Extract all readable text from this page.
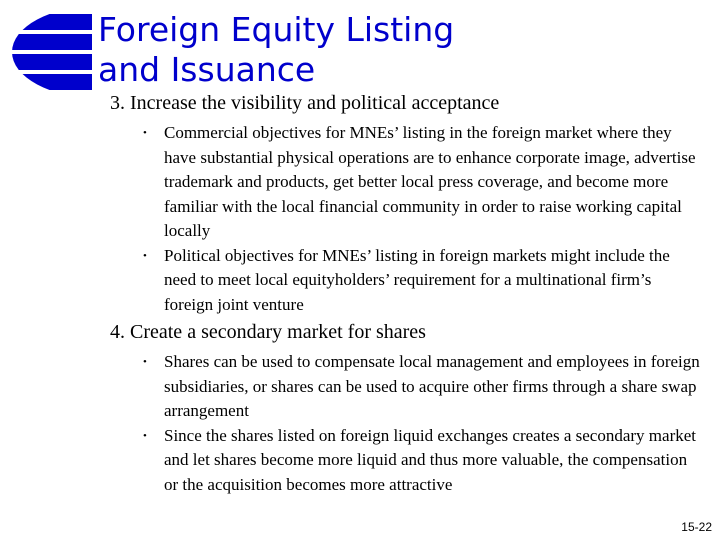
Foreign Equity Listing
and Issuance
3. Increase the visibility and political acceptance
• Commercial objectives for MNEs’ listing in the foreign market where they have substantial physical operations are to enhance corporate image, advertise trademark and products, get better local press coverage, and become more familiar with the local financial community in order to raise working capital locally
• Political objectives for MNEs’ listing in foreign markets might include the need to meet local equityholders’ requirement for a multinational firm’s foreign joint venture
4. Create a secondary market for shares
• Shares can be used to compensate local management and employees in foreign subsidiaries, or shares can be used to acquire other firms through a share swap arrangement
• Since the shares listed on foreign liquid exchanges creates a secondary market and let shares become more liquid and thus more valuable, the compensation or the acquisition becomes more attractive
15-22
